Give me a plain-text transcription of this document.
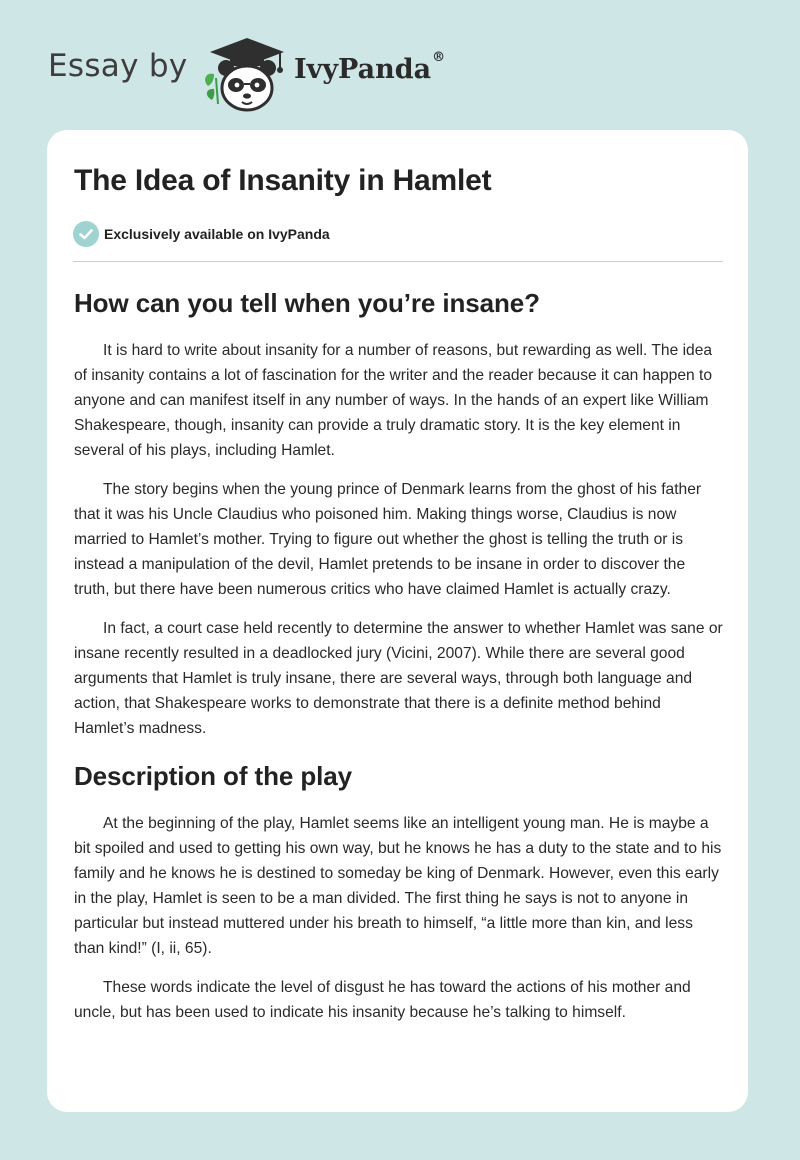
Essay by	IvyPanda®
The Idea of Insanity in Hamlet
Exclusively available on IvyPanda
How can you tell when you’re insane?

It is hard to write about insanity for a number of reasons, but rewarding as well. The idea of insanity contains a lot of fascination for the writer and the reader because it can happen to anyone and can manifest itself in any number of ways. In the hands of an expert like William Shakespeare, though, insanity can provide a truly dramatic story. It is the key element in several of his plays, including Hamlet.

The story begins when the young prince of Denmark learns from the ghost of his father that it was his Uncle Claudius who poisoned him. Making things worse, Claudius is now married to Hamlet’s mother. Trying to figure out whether the ghost is telling the truth or is instead a manipulation of the devil, Hamlet pretends to be insane in order to discover the truth, but there have been numerous critics who have claimed Hamlet is actually crazy.

In fact, a court case held recently to determine the answer to whether Hamlet was sane or insane recently resulted in a deadlocked jury (Vicini, 2007). While there are several good arguments that Hamlet is truly insane, there are several ways, through both language and action, that Shakespeare works to demonstrate that there is a definite method behind Hamlet’s madness.

Description of the play

At the beginning of the play, Hamlet seems like an intelligent young man. He is maybe a bit spoiled and used to getting his own way, but he knows he has a duty to the state and to his family and he knows he is destined to someday be king of Denmark. However, even this early in the play, Hamlet is seen to be a man divided. The first thing he says is not to anyone in particular but instead muttered under his breath to himself, “a little more than kin, and less than kind!” (I, ii, 65).

These words indicate the level of disgust he has toward the actions of his mother and uncle, but has been used to indicate his insanity because he’s talking to himself.
